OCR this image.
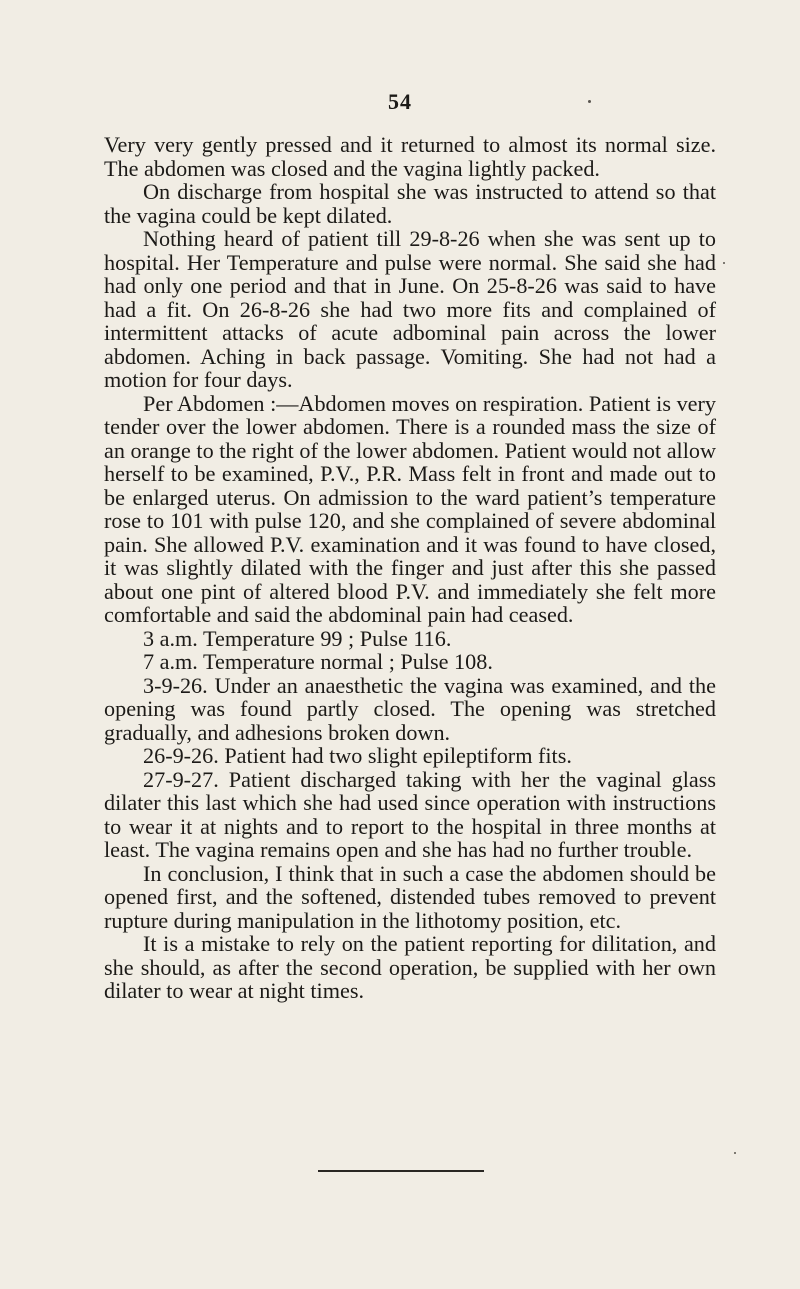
54

Very very gently pressed and it returned to almost its normal size. The abdomen was closed and the vagina lightly packed.

On discharge from hospital she was instructed to attend so that the vagina could be kept dilated.

Nothing heard of patient till 29-8-26 when she was sent up to hospital. Her Temperature and pulse were normal. She said she had had only one period and that in June. On 25-8-26 was said to have had a fit. On 26-8-26 she had two more fits and complained of intermittent attacks of acute adbominal pain across the lower abdomen. Aching in back passage. Vomiting. She had not had a motion for four days.

Per Abdomen :—Abdomen moves on respiration. Patient is very tender over the lower abdomen. There is a rounded mass the size of an orange to the right of the lower abdomen. Patient would not allow herself to be examined, P.V., P.R. Mass felt in front and made out to be enlarged uterus. On admission to the ward patient’s temperature rose to 101 with pulse 120, and she complained of severe abdominal pain. She allowed P.V. examination and it was found to have closed, it was slightly dilated with the finger and just after this she passed about one pint of altered blood P.V. and immediately she felt more comfortable and said the abdominal pain had ceased.

3 a.m. Temperature 99 ; Pulse 116.

7 a.m. Temperature normal ; Pulse 108.

3-9-26. Under an anaesthetic the vagina was examined, and the opening was found partly closed. The opening was stretched gradually, and adhesions broken down.

26-9-26. Patient had two slight epileptiform fits.

27-9-27. Patient discharged taking with her the vaginal glass dilater this last which she had used since operation with instructions to wear it at nights and to report to the hospital in three months at least. The vagina remains open and she has had no further trouble.

In conclusion, I think that in such a case the abdomen should be opened first, and the softened, distended tubes removed to prevent rupture during manipulation in the lithotomy position, etc.

It is a mistake to rely on the patient reporting for dilitation, and she should, as after the second operation, be supplied with her own dilater to wear at night times.
